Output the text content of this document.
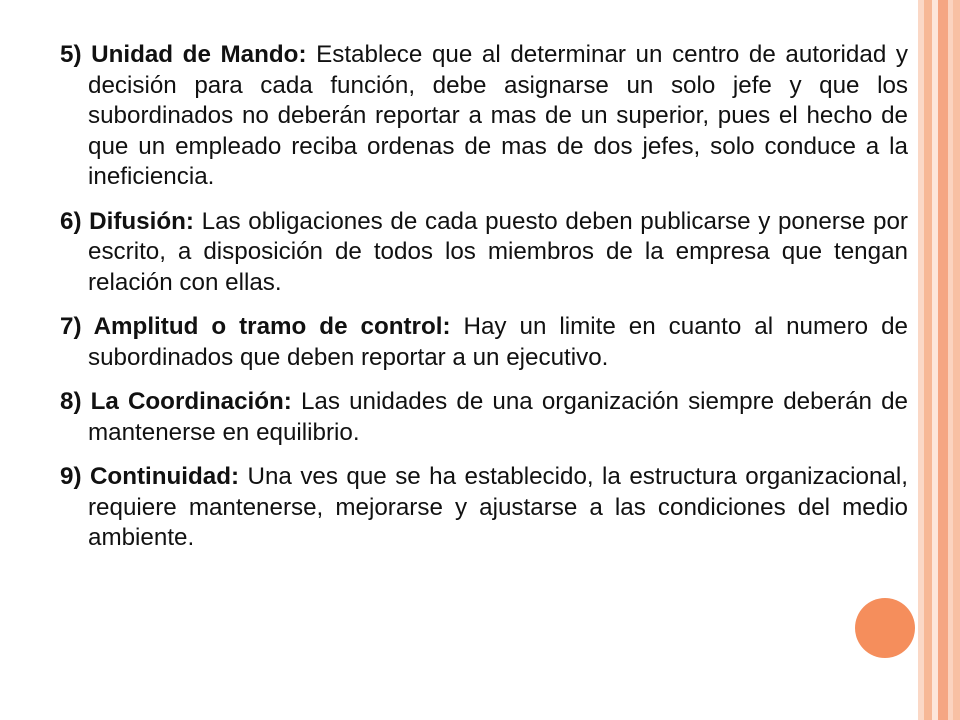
5) Unidad de Mando: Establece que al determinar un centro de autoridad y decisión para cada función, debe asignarse un solo jefe y que los subordinados no deberán reportar a mas de un superior, pues el hecho de que un empleado reciba ordenas de mas de dos jefes, solo conduce a la ineficiencia.

6) Difusión: Las obligaciones de cada puesto deben publicarse y ponerse por escrito, a disposición de todos los miembros de la empresa que tengan relación con ellas.

7) Amplitud o tramo de control: Hay un limite en cuanto al numero de subordinados que deben reportar a un ejecutivo.

8) La Coordinación: Las unidades de una organización siempre deberán de mantenerse en equilibrio.

9) Continuidad: Una ves que se ha establecido, la estructura organizacional, requiere mantenerse, mejorarse y ajustarse a las condiciones del medio ambiente.
